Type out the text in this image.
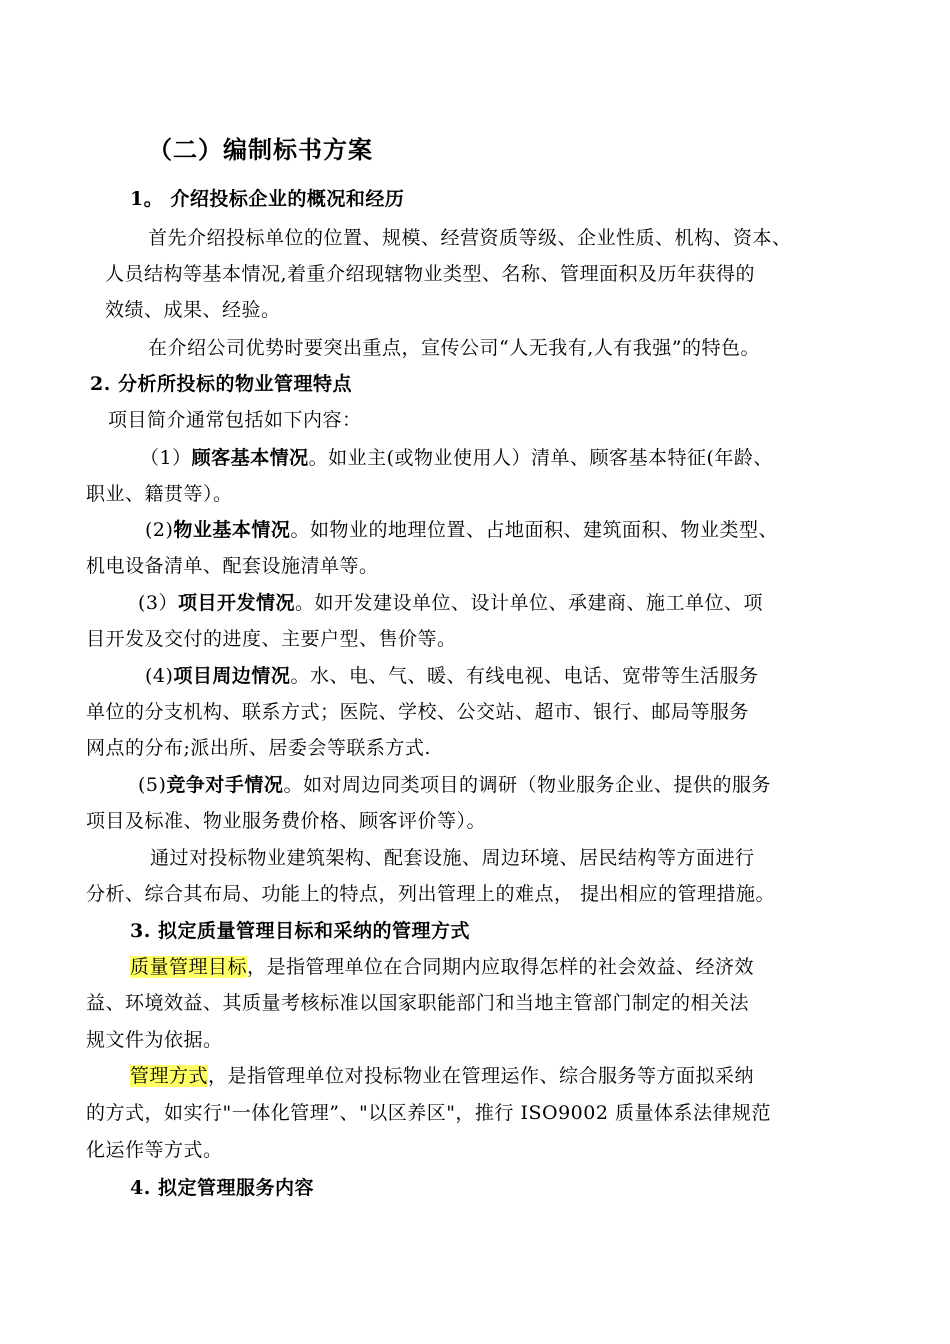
（二）编制标书方案
1。 介绍投标企业的概况和经历
首先介绍投标单位的位置、规模、经营资质等级、企业性质、机构、资本、
人员结构等基本情况,着重介绍现辖物业类型、名称、管理面积及历年获得的
效绩、成果、经验。
在介绍公司优势时要突出重点，宣传公司“人无我有,人有我强”的特色。
2. 分析所投标的物业管理特点
项目简介通常包括如下内容：
（1）顾客基本情况。如业主(或物业使用人）清单、顾客基本特征(年龄、
职业、籍贯等）。
(2)物业基本情况。如物业的地理位置、占地面积、建筑面积、物业类型、
机电设备清单、配套设施清单等。
(3）项目开发情况。如开发建设单位、设计单位、承建商、施工单位、项
目开发及交付的进度、主要户型、售价等。
(4)项目周边情况。水、电、气、暖、有线电视、电话、宽带等生活服务
单位的分支机构、联系方式；医院、学校、公交站、超市、银行、邮局等服务
网点的分布;派出所、居委会等联系方式.
(5)竞争对手情况。如对周边同类项目的调研（物业服务企业、提供的服务
项目及标准、物业服务费价格、顾客评价等）。
通过对投标物业建筑架构、配套设施、周边环境、居民结构等方面进行
分析、综合其布局、功能上的特点，列出管理上的难点， 提出相应的管理措施。
3. 拟定质量管理目标和采纳的管理方式
质量管理目标，是指管理单位在合同期内应取得怎样的社会效益、经济效
益、环境效益、其质量考核标准以国家职能部门和当地主管部门制定的相关法
规文件为依据。
管理方式，是指管理单位对投标物业在管理运作、综合服务等方面拟采纳
的方式，如实行"一体化管理”、"以区养区"，推行 ISO9002 质量体系法律规范
化运作等方式。
4. 拟定管理服务内容
